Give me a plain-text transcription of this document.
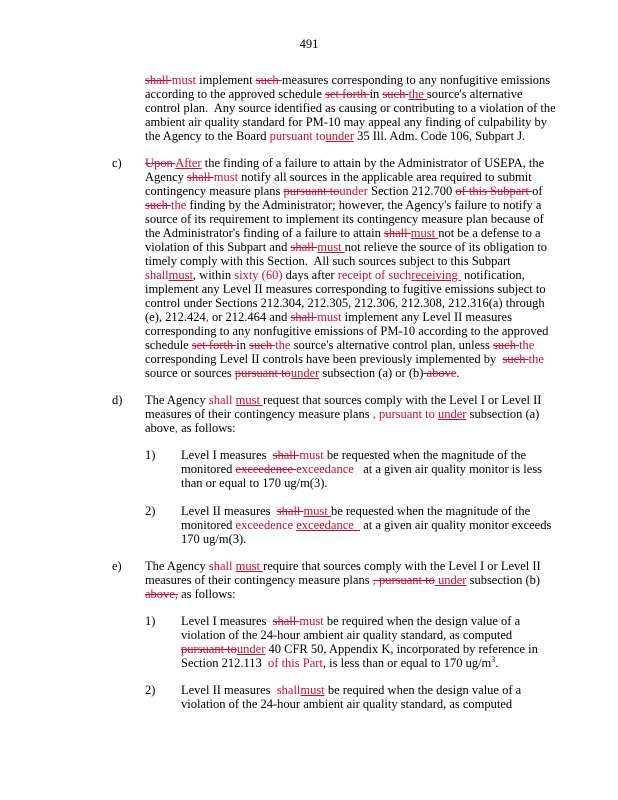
491
shall must implement such measures corresponding to any nonfugitive emissions
according to the approved schedule set forth in such the source's alternative
control plan.  Any source identified as causing or contributing to a violation of the
ambient air quality standard for PM-10 may appeal any finding of culpability by
the Agency to the Board pursuant tounder 35 Ill. Adm. Code 106, Subpart J.
c) Upon After the finding of a failure to attain by the Administrator of USEPA, the
Agency shall must notify all sources in the applicable area required to submit
contingency measure plans pursuant tounder Section 212.700 of this Subpart of
such the finding by the Administrator; however, the Agency's failure to notify a
source of its requirement to implement its contingency measure plan because of
the Administrator's finding of a failure to attain shall must not be a defense to a
violation of this Subpart and shall must not relieve the source of its obligation to
timely comply with this Section.  All such sources subject to this Subpart
shallmust, within sixty (60) days after receipt of suchreceiving  notification,
implement any Level II measures corresponding to fugitive emissions subject to
control under Sections 212.304, 212.305, 212.306, 212.308, 212.316(a) through
(e), 212.424, or 212.464 and shall must implement any Level II measures
corresponding to any nonfugitive emissions of PM-10 according to the approved
schedule set forth in such the source's alternative control plan, unless such the
corresponding Level II controls have been previously implemented by  such the
source or sources pursuant tounder subsection (a) or (b) above.
d) The Agency shall must request that sources comply with the Level I or Level II
measures of their contingency measure plans , pursuant to under subsection (a)
above, as follows:
1) Level I measures  shall must be requested when the magnitude of the
monitored exceedence exceedance   at a given air quality monitor is less
than or equal to 170 ug/m(3).
2) Level II measures  shall must be requested when the magnitude of the
monitored exceedence exceedance   at a given air quality monitor exceeds
170 ug/m(3).
e) The Agency shall must require that sources comply with the Level I or Level II
measures of their contingency measure plans , pursuant to under subsection (b)
above, as follows:
1) Level I measures  shall must be required when the design value of a
violation of the 24-hour ambient air quality standard, as computed
pursuant tounder 40 CFR 50, Appendix K, incorporated by reference in
Section 212.113  of this Part, is less than or equal to 170 $ug/m^3$.
2) Level II measures  shallmust be required when the design value of a
violation of the 24-hour ambient air quality standard, as computed
